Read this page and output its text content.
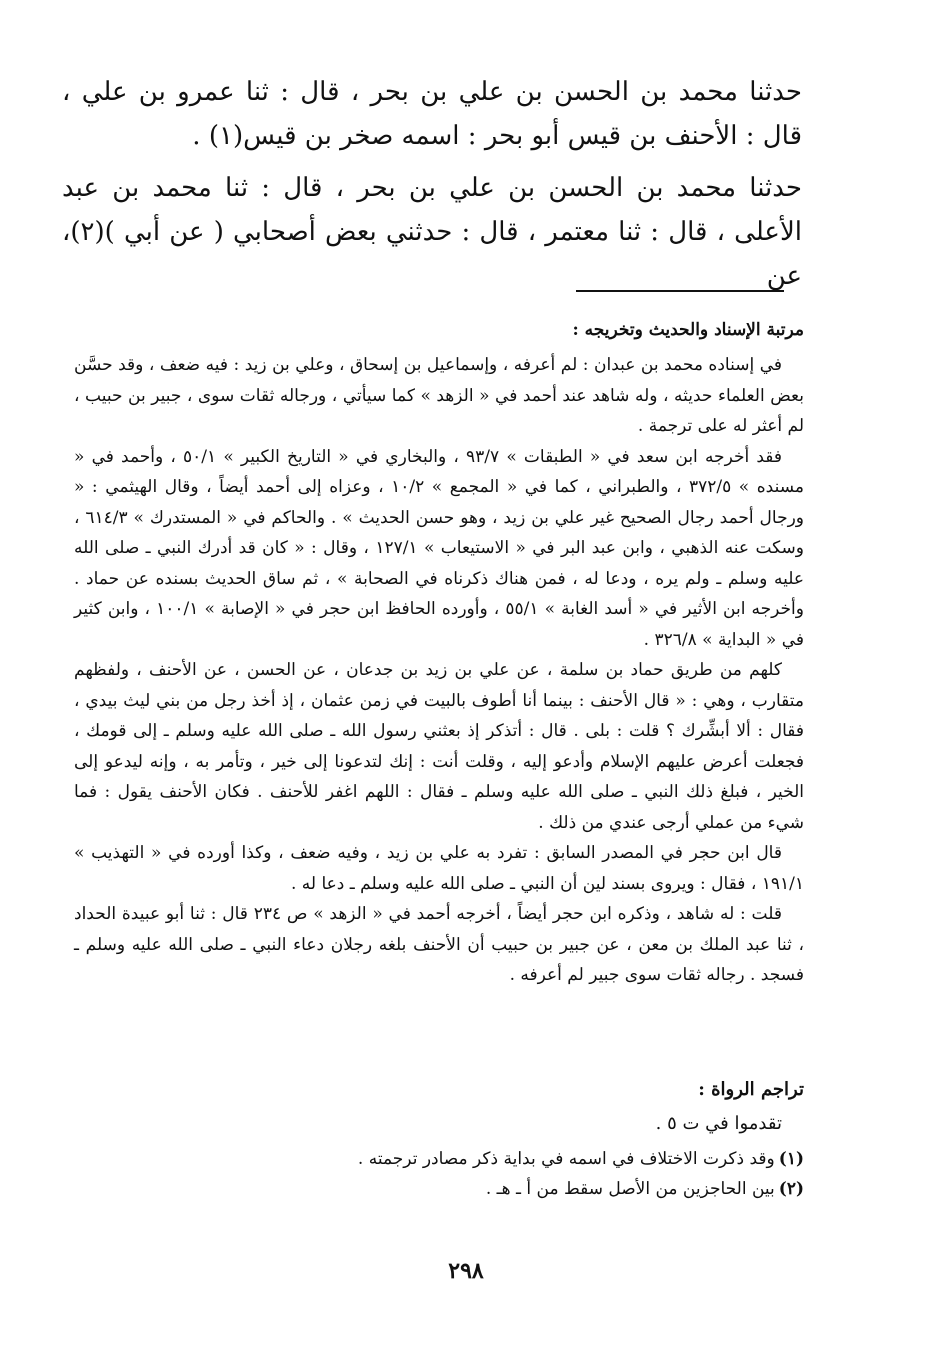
حدثنا محمد بن الحسن بن علي بن بحر ، قال : ثنا عمرو بن علي ، قال : الأحنف بن قيس أبو بحر : اسمه صخر بن قيس(١) .

حدثنا محمد بن الحسن بن علي بن بحر ، قال : ثنا محمد بن عبد الأعلى ، قال : ثنا معتمر ، قال : حدثني بعض أصحابي ( عن أبي )(٢)، عن

مرتبة الإسناد والحديث وتخريجه :

في إسناده محمد بن عبدان : لم أعرفه ، وإسماعيل بن إسحاق ، وعلي بن زيد : فيه ضعف ، وقد حسَّن بعض العلماء حديثه ، وله شاهد عند أحمد في « الزهد » كما سيأتي ، ورجاله ثقات سوى ، جبير بن حبيب ، لم أعثر له على ترجمة .

فقد أخرجه ابن سعد في « الطبقات » ٩٣/٧ ، والبخاري في « التاريخ الكبير » ٥٠/١ ، وأحمد في « مسنده » ٣٧٢/٥ ، والطبراني ، كما في « المجمع » ١٠/٢ ، وعزاه إلى أحمد أيضاً ، وقال الهيثمي : « ورجال أحمد رجال الصحيح غير علي بن زيد ، وهو حسن الحديث » . والحاكم في « المستدرك » ٦١٤/٣ ، وسكت عنه الذهبي ، وابن عبد البر في « الاستيعاب » ١٢٧/١ ، وقال : « كان قد أدرك النبي ـ صلى الله عليه وسلم ـ ولم يره ، ودعا له ، فمن هناك ذكرناه في الصحابة » ، ثم ساق الحديث بسنده عن حماد . وأخرجه ابن الأثير في « أسد الغابة » ٥٥/١ ، وأورده الحافظ ابن حجر في « الإصابة » ١٠٠/١ ، وابن كثير في « البداية » ٣٢٦/٨ .

كلهم من طريق حماد بن سلمة ، عن علي بن زيد بن جدعان ، عن الحسن ، عن الأحنف ، ولفظهم متقارب ، وهي : « قال الأحنف : بينما أنا أطوف بالبيت في زمن عثمان ، إذ أخذ رجل من بني ليث بيدي ، فقال : ألا أبشِّرك ؟ قلت : بلى . قال : أتذكر إذ بعثني رسول الله ـ صلى الله عليه وسلم ـ إلى قومك ، فجعلت أعرض عليهم الإسلام وأدعو إليه ، وقلت أنت : إنك لتدعونا إلى خير ، وتأمر به ، وإنه ليدعو إلى الخير ، فبلغ ذلك النبي ـ صلى الله عليه وسلم ـ فقال : اللهم اغفر للأحنف . فكان الأحنف يقول : فما شيء من عملي أرجى عندي من ذلك .

قال ابن حجر في المصدر السابق : تفرد به علي بن زيد ، وفيه ضعف ، وكذا أورده في « التهذيب » ١٩١/١ ، فقال : ويروى بسند لين أن النبي ـ صلى الله عليه وسلم ـ دعا له .

قلت : له شاهد ، وذكره ابن حجر أيضاً ، أخرجه أحمد في « الزهد » ص ٢٣٤ قال : ثنا أبو عبيدة الحداد ، ثنا عبد الملك بن معن ، عن جبير بن حبيب أن الأحنف بلغه رجلان دعاء النبي ـ صلى الله عليه وسلم ـ فسجد . رجاله ثقات سوى جبير لم أعرفه .

تراجم الرواة :
تقدموا في ت ٥ .
(١)وقد ذكرت الاختلاف في اسمه في بداية ذكر مصادر ترجمته .
(٢)بين الحاجزين من الأصل سقط من أ ـ هـ .
٢٩٨
